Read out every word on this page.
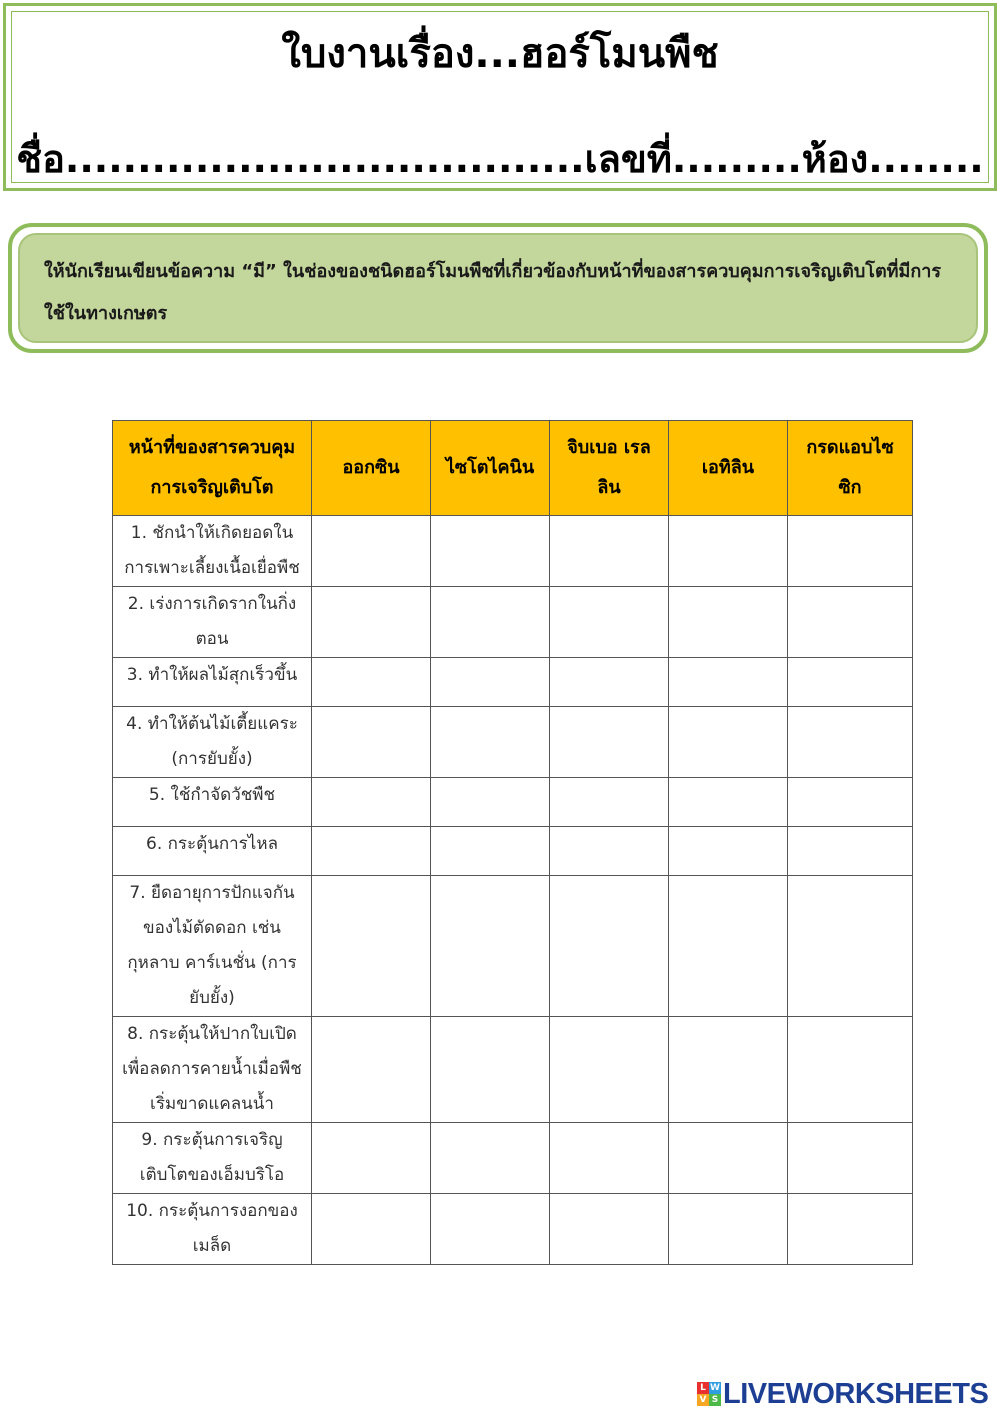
ใบงานเรื่อง...ฮอร์โมนพืช
ชื่อ....................................เลขที่.........ห้อง........
ให้นักเรียนเขียนข้อความ “มี” ในช่องของชนิดฮอร์โมนพืชที่เกี่ยวข้องกับหน้าที่ของสารควบคุมการเจริญเติบโตที่มีการใช้ในทางเกษตร
หน้าที่ของสารควบคุมการเจริญเติบโต	ออกซิน	ไซโตไคนิน	จิบเบอ เรลลิน	เอทิลิน	กรดแอบไซ ซิก
1. ชักนำให้เกิดยอดในการเพาะเลี้ยงเนื้อเยื่อพืช					
2. เร่งการเกิดรากในกิ่งตอน					
3. ทำให้ผลไม้สุกเร็วขึ้น					
4. ทำให้ต้นไม้เตี้ยแคระ (การยับยั้ง)					
5. ใช้กำจัดวัชพืช					
6. กระตุ้นการไหล					
7. ยืดอายุการปักแจกันของไม้ตัดดอก เช่น กุหลาบ คาร์เนชั่น (การยับยั้ง)					
8. กระตุ้นให้ปากใบเปิดเพื่อลดการคายน้ำเมื่อพืชเริ่มขาดแคลนน้ำ					
9. กระตุ้นการเจริญเติบโตของเอ็มบริโอ					
10. กระตุ้นการงอกของเมล็ด					
L W
V S LIVEWORKSHEETS
